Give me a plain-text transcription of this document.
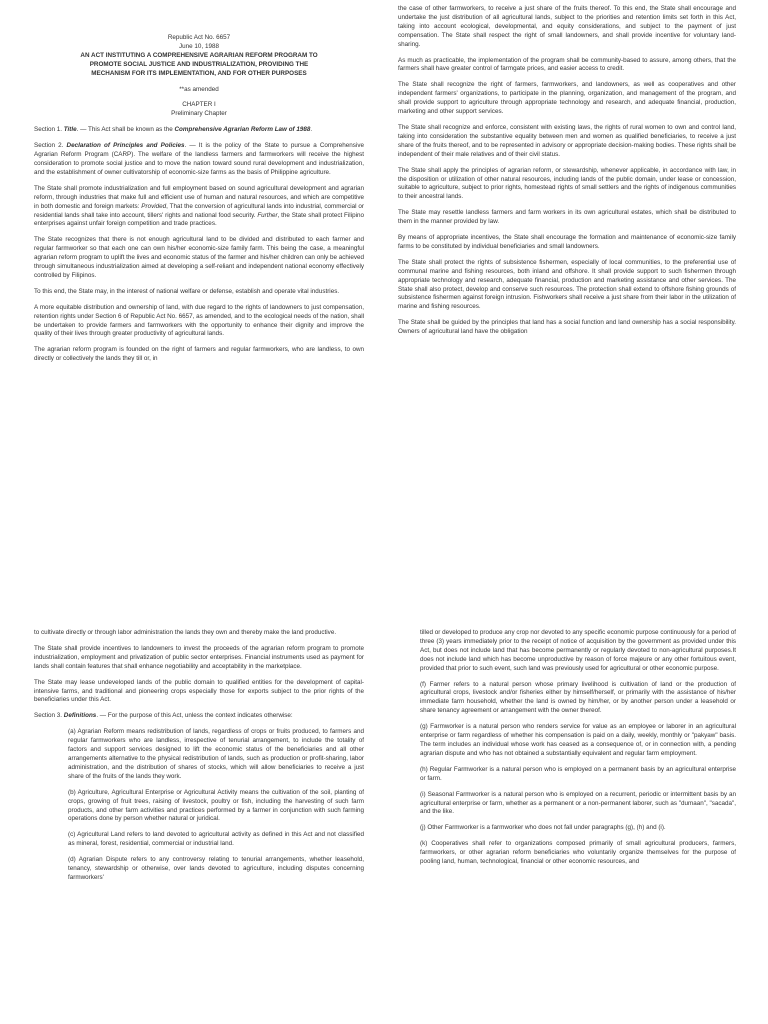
Republic Act No. 6657
June 10, 1988
AN ACT INSTITUTING A COMPREHENSIVE AGRARIAN REFORM PROGRAM TO
PROMOTE SOCIAL JUSTICE AND INDUSTRIALIZATION, PROVIDING THE
MECHANISM FOR ITS IMPLEMENTATION, AND FOR OTHER PURPOSES
**as amended
CHAPTER I
Preliminary Chapter

Section 1. Title. — This Act shall be known as the Comprehensive Agrarian Reform Law of 1988.

Section 2. Declaration of Principles and Policies. — It is the policy of the State to pursue a Comprehensive Agrarian Reform Program (CARP). The welfare of the landless farmers and farmworkers will receive the highest consideration to promote social justice and to move the nation toward sound rural development and industrialization, and the establishment of owner cultivatorship of economic-size farms as the basis of Philippine agriculture.

The State shall promote industrialization and full employment based on sound agricultural development and agrarian reform, through industries that make full and efficient use of human and natural resources, and which are competitive in both domestic and foreign markets: Provided, That the conversion of agricultural lands into industrial, commercial or residential lands shall take into account, tillers' rights and national food security. Further, the State shall protect Filipino enterprises against unfair foreign competition and trade practices.

The State recognizes that there is not enough agricultural land to be divided and distributed to each farmer and regular farmworker so that each one can own his/her economic-size family farm. This being the case, a meaningful agrarian reform program to uplift the lives and economic status of the farmer and his/her children can only be achieved through simultaneous industrialization aimed at developing a self-reliant and independent national economy effectively controlled by Filipinos.

To this end, the State may, in the interest of national welfare or defense, establish and operate vital industries.

A more equitable distribution and ownership of land, with due regard to the rights of landowners to just compensation, retention rights under Section 6 of Republic Act No. 6657, as amended, and to the ecological needs of the nation, shall be undertaken to provide farmers and farmworkers with the opportunity to enhance their dignity and improve the quality of their lives through greater productivity of agricultural lands.

The agrarian reform program is founded on the right of farmers and regular farmworkers, who are landless, to own directly or collectively the lands they till or, in

the case of other farmworkers, to receive a just share of the fruits thereof. To this end, the State shall encourage and undertake the just distribution of all agricultural lands, subject to the priorities and retention limits set forth in this Act, taking into account ecological, developmental, and equity considerations, and subject to the payment of just compensation. The State shall respect the right of small landowners, and shall provide incentive for voluntary land-sharing.

As much as practicable, the implementation of the program shall be community-based to assure, among others, that the farmers shall have greater control of farmgate prices, and easier access to credit.

The State shall recognize the right of farmers, farmworkers, and landowners, as well as cooperatives and other independent farmers' organizations, to participate in the planning, organization, and management of the program, and shall provide support to agriculture through appropriate technology and research, and adequate financial, production, marketing and other support services.

The State shall recognize and enforce, consistent with existing laws, the rights of rural women to own and control land, taking into consideration the substantive equality between men and women as qualified beneficiaries, to receive a just share of the fruits thereof, and to be represented in advisory or appropriate decision-making bodies. These rights shall be independent of their male relatives and of their civil status.

The State shall apply the principles of agrarian reform, or stewardship, whenever applicable, in accordance with law, in the disposition or utilization of other natural resources, including lands of the public domain, under lease or concession, suitable to agriculture, subject to prior rights, homestead rights of small settlers and the rights of indigenous communities to their ancestral lands.

The State may resettle landless farmers and farm workers in its own agricultural estates, which shall be distributed to them in the manner provided by law.

By means of appropriate incentives, the State shall encourage the formation and maintenance of economic-size family farms to be constituted by individual beneficiaries and small landowners.

The State shall protect the rights of subsistence fishermen, especially of local communities, to the preferential use of communal marine and fishing resources, both inland and offshore. It shall provide support to such fishermen through appropriate technology and research, adequate financial, production and marketing assistance and other services. The State shall also protect, develop and conserve such resources. The protection shall extend to offshore fishing grounds of subsistence fishermen against foreign intrusion. Fishworkers shall receive a just share from their labor in the utilization of marine and fishing resources.

The State shall be guided by the principles that land has a social function and land ownership has a social responsibility. Owners of agricultural land have the obligation

to cultivate directly or through labor administration the lands they own and thereby make the land productive.

The State shall provide incentives to landowners to invest the proceeds of the agrarian reform program to promote industrialization, employment and privatization of public sector enterprises. Financial instruments used as payment for lands shall contain features that shall enhance negotiability and acceptability in the marketplace.

The State may lease undeveloped lands of the public domain to qualified entities for the development of capital-intensive farms, and traditional and pioneering crops especially those for exports subject to the prior rights of the beneficiaries under this Act.

Section 3. Definitions. — For the purpose of this Act, unless the context indicates otherwise:

(a) Agrarian Reform means redistribution of lands, regardless of crops or fruits produced, to farmers and regular farmworkers who are landless, irrespective of tenurial arrangement, to include the totality of factors and support services designed to lift the economic status of the beneficiaries and all other arrangements alternative to the physical redistribution of lands, such as production or profit-sharing, labor administration, and the distribution of shares of stocks, which will allow beneficiaries to receive a just share of the fruits of the lands they work.

(b) Agriculture, Agricultural Enterprise or Agricultural Activity means the cultivation of the soil, planting of crops, growing of fruit trees, raising of livestock, poultry or fish, including the harvesting of such farm products, and other farm activities and practices performed by a farmer in conjunction with such farming operations done by person whether natural or juridical.

(c) Agricultural Land refers to land devoted to agricultural activity as defined in this Act and not classified as mineral, forest, residential, commercial or industrial land.

(d) Agrarian Dispute refers to any controversy relating to tenurial arrangements, whether leasehold, tenancy, stewardship or otherwise, over lands devoted to agriculture, including disputes concerning farmworkers'

tilled or developed to produce any crop nor devoted to any specific economic purpose continuously for a period of three (3) years immediately prior to the receipt of notice of acquisition by the government as provided under this Act, but does not include land that has become permanently or regularly devoted to non-agricultural purposes.It does not include land which has become unproductive by reason of force majeure or any other fortuitous event, provided that prior to such event, such land was previously used for agricultural or other economic purpose.

(f) Farmer refers to a natural person whose primary livelihood is cultivation of land or the production of agricultural crops, livestock and/or fisheries either by himself/herself, or primarily with the assistance of his/her immediate farm household, whether the land is owned by him/her, or by another person under a leasehold or share tenancy agreement or arrangement with the owner thereof.

(g) Farmworker is a natural person who renders service for value as an employee or laborer in an agricultural enterprise or farm regardless of whether his compensation is paid on a daily, weekly, monthly or "pakyaw" basis. The term includes an individual whose work has ceased as a consequence of, or in connection with, a pending agrarian dispute and who has not obtained a substantially equivalent and regular farm employment.

(h) Regular Farmworker is a natural person who is employed on a permanent basis by an agricultural enterprise or farm.

(i) Seasonal Farmworker is a natural person who is employed on a recurrent, periodic or intermittent basis by an agricultural enterprise or farm, whether as a permanent or a non-permanent laborer, such as "dumaan", "sacada", and the like.

(j) Other Farmworker is a farmworker who does not fall under paragraphs (g), (h) and (i).

(k) Cooperatives shall refer to organizations composed primarily of small agricultural producers, farmers, farmworkers, or other agrarian reform beneficiaries who voluntarily organize themselves for the purpose of pooling land, human, technological, financial or other economic resources, and
